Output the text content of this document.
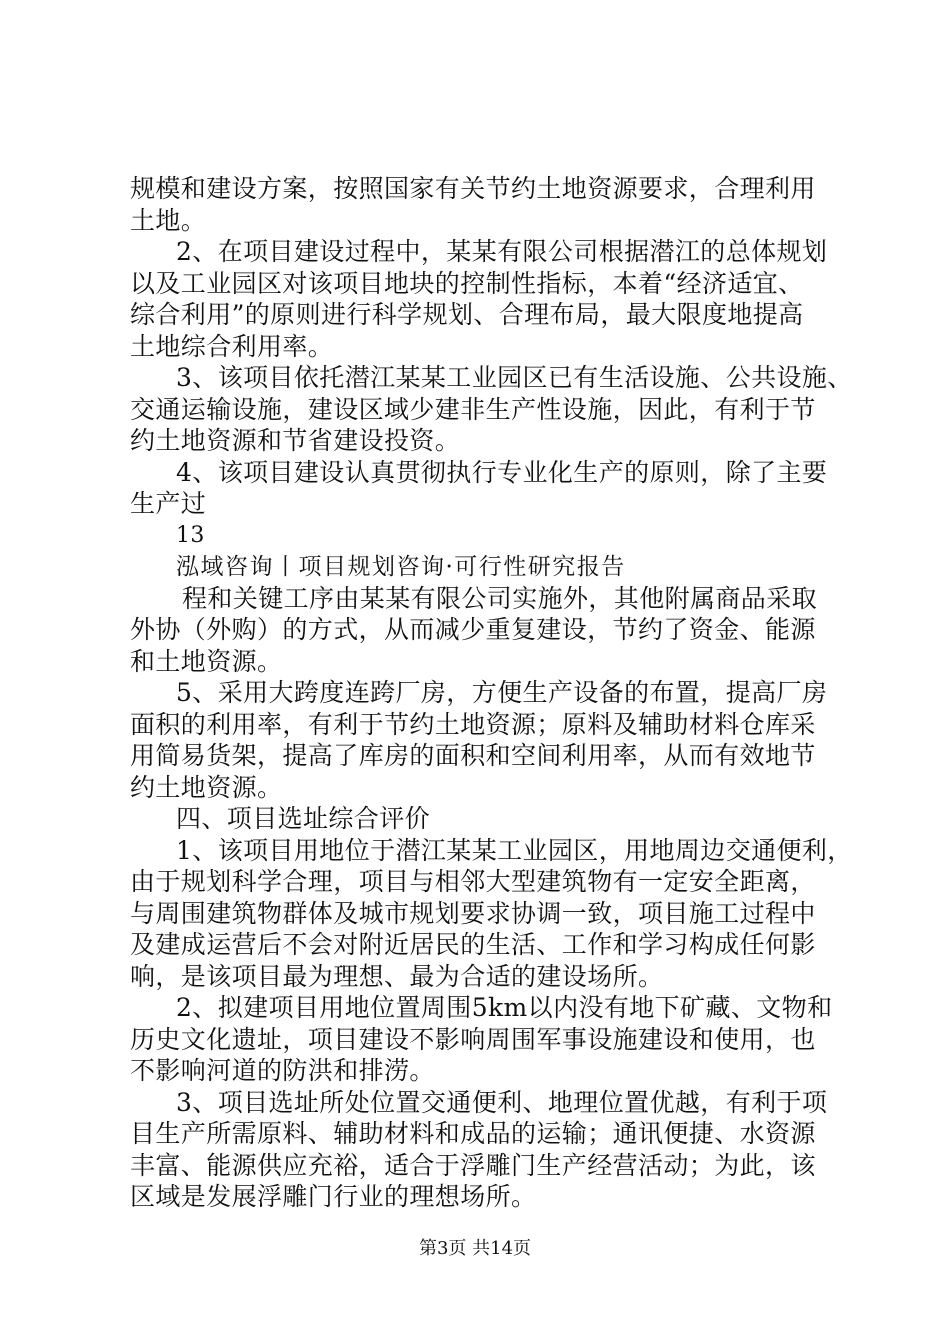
规模和建设方案，按照国家有关节约土地资源要求，合理利用
土地。
2、在项目建设过程中，某某有限公司根据潜江的总体规划
以及工业园区对该项目地块的控制性指标，本着“经济适宜、
综合利用”的原则进行科学规划、合理布局，最大限度地提高
土地综合利用率。
3、该项目依托潜江某某工业园区已有生活设施、公共设施、
交通运输设施，建设区域少建非生产性设施，因此，有利于节
约土地资源和节省建设投资。
4、该项目建设认真贯彻执行专业化生产的原则，除了主要
生产过
13
泓域咨询丨项目规划咨询·可行性研究报告
程和关键工序由某某有限公司实施外，其他附属商品采取
外协（外购）的方式，从而减少重复建设，节约了资金、能源
和土地资源。
5、采用大跨度连跨厂房，方便生产设备的布置，提高厂房
面积的利用率，有利于节约土地资源；原料及辅助材料仓库采
用简易货架，提高了库房的面积和空间利用率，从而有效地节
约土地资源。
四、项目选址综合评价
1、该项目用地位于潜江某某工业园区，用地周边交通便利，
由于规划科学合理，项目与相邻大型建筑物有一定安全距离，
与周围建筑物群体及城市规划要求协调一致，项目施工过程中
及建成运营后不会对附近居民的生活、工作和学习构成任何影
响，是该项目最为理想、最为合适的建设场所。
2、拟建项目用地位置周围5km以内没有地下矿藏、文物和
历史文化遗址，项目建设不影响周围军事设施建设和使用，也
不影响河道的防洪和排涝。
3、项目选址所处位置交通便利、地理位置优越，有利于项
目生产所需原料、辅助材料和成品的运输；通讯便捷、水资源
丰富、能源供应充裕，适合于浮雕门生产经营活动；为此，该
区域是发展浮雕门行业的理想场所。
第3页 共14页
